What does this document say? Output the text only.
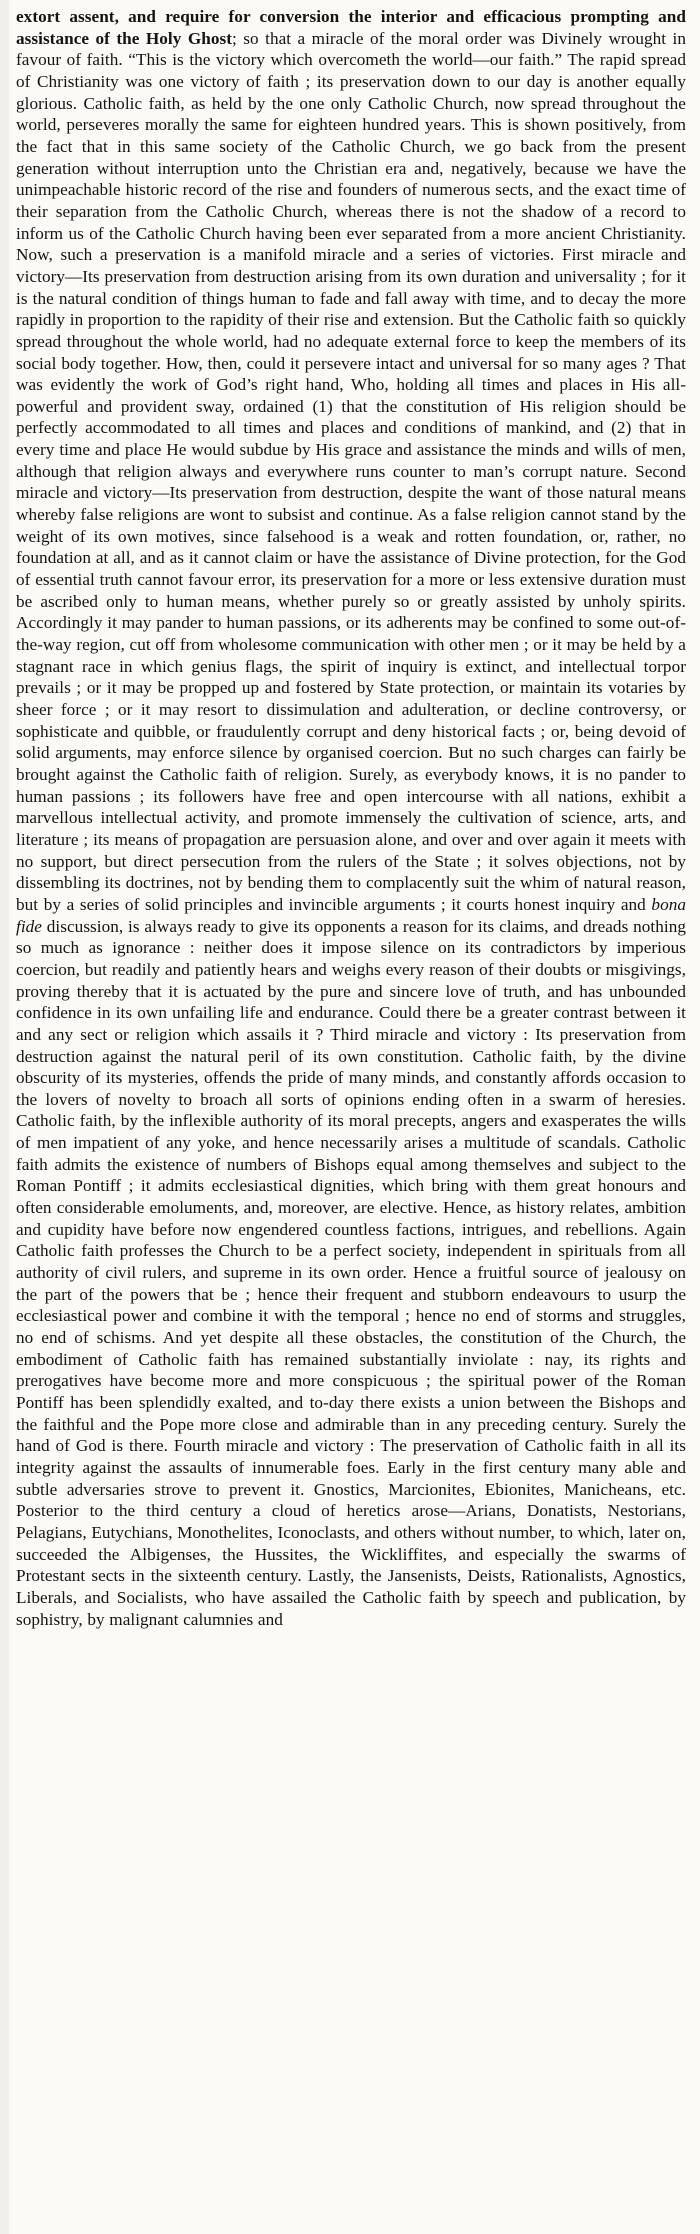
extort assent, and require for conversion the interior and efficacious prompting and assistance of the Holy Ghost; so that a miracle of the moral order was Divinely wrought in favour of faith. “This is the victory which overcometh the world—our faith.” The rapid spread of Christianity was one victory of faith ; its preservation down to our day is another equally glorious. Catholic faith, as held by the one only Catholic Church, now spread throughout the world, perseveres morally the same for eighteen hundred years. This is shown positively, from the fact that in this same society of the Catholic Church, we go back from the present generation without interruption unto the Christian era and, negatively, because we have the unimpeachable historic record of the rise and founders of numerous sects, and the exact time of their separation from the Catholic Church, whereas there is not the shadow of a record to inform us of the Catholic Church having been ever separated from a more ancient Christianity. Now, such a preservation is a manifold miracle and a series of victories. First miracle and victory—Its preservation from destruction arising from its own duration and universality ; for it is the natural condition of things human to fade and fall away with time, and to decay the more rapidly in proportion to the rapidity of their rise and extension. But the Catholic faith so quickly spread throughout the whole world, had no adequate external force to keep the members of its social body together. How, then, could it persevere intact and universal for so many ages ? That was evidently the work of God’s right hand, Who, holding all times and places in His all-powerful and provident sway, ordained (1) that the constitution of His religion should be perfectly accommodated to all times and places and conditions of mankind, and (2) that in every time and place He would subdue by His grace and assistance the minds and wills of men, although that religion always and everywhere runs counter to man’s corrupt nature. Second miracle and victory—Its preservation from destruction, despite the want of those natural means whereby false religions are wont to subsist and continue. As a false religion cannot stand by the weight of its own motives, since falsehood is a weak and rotten foundation, or, rather, no foundation at all, and as it cannot claim or have the assistance of Divine protection, for the God of essential truth cannot favour error, its preservation for a more or less extensive duration must be ascribed only to human means, whether purely so or greatly assisted by unholy spirits. Accordingly it may pander to human passions, or its adherents may be confined to some out-of-the-way region, cut off from wholesome communication with other men ; or it may be held by a stagnant race in which genius flags, the spirit of inquiry is extinct, and intellectual torpor prevails ; or it may be propped up and fostered by State protection, or maintain its votaries by sheer force ; or it may resort to dissimulation and adulteration, or decline controversy, or sophisticate and quibble, or fraudulently corrupt and deny historical facts ; or, being devoid of solid arguments, may enforce silence by organised coercion. But no such charges can fairly be brought against the Catholic faith of religion. Surely, as everybody knows, it is no pander to human passions ; its followers have free and open intercourse with all nations, exhibit a marvellous intellectual activity, and promote immensely the cultivation of science, arts, and literature ; its means of propagation are persuasion alone, and over and over again it meets with no support, but direct persecution from the rulers of the State ; it solves objections, not by dissembling its doctrines, not by bending them to complacently suit the whim of natural reason, but by a series of solid principles and invincible arguments ; it courts honest inquiry and bona fide discussion, is always ready to give its opponents a reason for its claims, and dreads nothing so much as ignorance : neither does it impose silence on its contradictors by imperious coercion, but readily and patiently hears and weighs every reason of their doubts or misgivings, proving thereby that it is actuated by the pure and sincere love of truth, and has unbounded confidence in its own unfailing life and endurance. Could there be a greater contrast between it and any sect or religion which assails it ? Third miracle and victory : Its preservation from destruction against the natural peril of its own constitution. Catholic faith, by the divine obscurity of its mysteries, offends the pride of many minds, and constantly affords occasion to the lovers of novelty to broach all sorts of opinions ending often in a swarm of heresies. Catholic faith, by the inflexible authority of its moral precepts, angers and exasperates the wills of men impatient of any yoke, and hence necessarily arises a multitude of scandals. Catholic faith admits the existence of numbers of Bishops equal among themselves and subject to the Roman Pontiff ; it admits ecclesiastical dignities, which bring with them great honours and often considerable emoluments, and, moreover, are elective. Hence, as history relates, ambition and cupidity have before now engendered countless factions, intrigues, and rebellions. Again Catholic faith professes the Church to be a perfect society, independent in spirituals from all authority of civil rulers, and supreme in its own order. Hence a fruitful source of jealousy on the part of the powers that be ; hence their frequent and stubborn endeavours to usurp the ecclesiastical power and combine it with the temporal ; hence no end of storms and struggles, no end of schisms. And yet despite all these obstacles, the constitution of the Church, the embodiment of Catholic faith has remained substantially inviolate : nay, its rights and prerogatives have become more and more conspicuous ; the spiritual power of the Roman Pontiff has been splendidly exalted, and to-day there exists a union between the Bishops and the faithful and the Pope more close and admirable than in any preceding century. Surely the hand of God is there. Fourth miracle and victory : The preservation of Catholic faith in all its integrity against the assaults of innumerable foes. Early in the first century many able and subtle adversaries strove to prevent it. Gnostics, Marcionites, Ebionites, Manicheans, etc. Posterior to the third century a cloud of heretics arose—Arians, Donatists, Nestorians, Pelagians, Eutychians, Monothelites, Iconoclasts, and others without number, to which, later on, succeeded the Albigenses, the Hussites, the Wickliffites, and especially the swarms of Protestant sects in the sixteenth century. Lastly, the Jansenists, Deists, Rationalists, Agnostics, Liberals, and Socialists, who have assailed the Catholic faith by speech and publication, by sophistry, by malignant calumnies and
